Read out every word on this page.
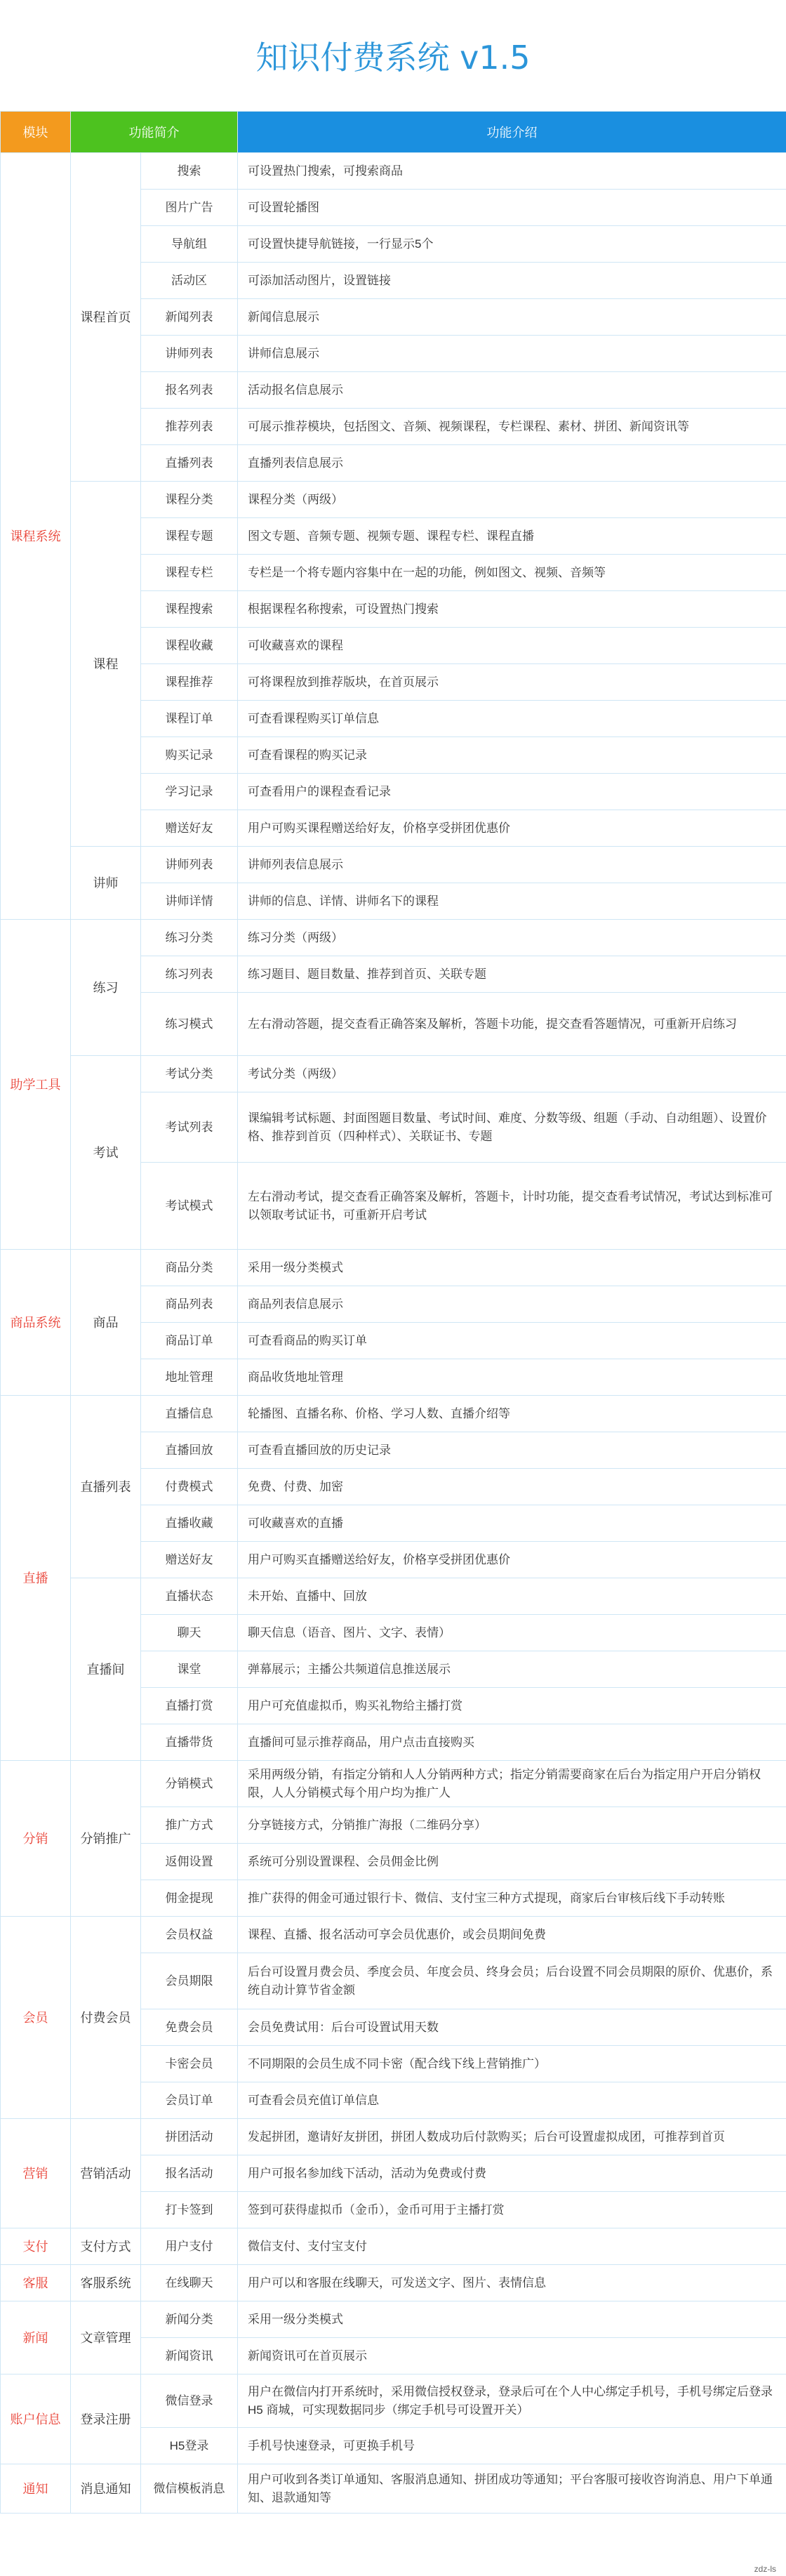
知识付费系统 v1.5
模块	功能简介		功能介绍
课程系统	课程首页	搜索	可设置热门搜索，可搜索商品
		图片广告	可设置轮播图
		导航组	可设置快捷导航链接，一行显示5个
		活动区	可添加活动图片，设置链接
		新闻列表	新闻信息展示
		讲师列表	讲师信息展示
		报名列表	活动报名信息展示
		推荐列表	可展示推荐模块，包括图文、音频、视频课程，专栏课程、素材、拼团、新闻资讯等
		直播列表	直播列表信息展示
	课程	课程分类	课程分类（两级）
		课程专题	图文专题、音频专题、视频专题、课程专栏、课程直播
		课程专栏	专栏是一个将专题内容集中在一起的功能，例如图文、视频、音频等
		课程搜索	根据课程名称搜索，可设置热门搜索
		课程收藏	可收藏喜欢的课程
		课程推荐	可将课程放到推荐版块，在首页展示
		课程订单	可查看课程购买订单信息
		购买记录	可查看课程的购买记录
		学习记录	可查看用户的课程查看记录
		赠送好友	用户可购买课程赠送给好友，价格享受拼团优惠价
	讲师	讲师列表	讲师列表信息展示
		讲师详情	讲师的信息、详情、讲师名下的课程
助学工具	练习	练习分类	练习分类（两级）
		练习列表	练习题目、题目数量、推荐到首页、关联专题
		练习模式	左右滑动答题，提交查看正确答案及解析，答题卡功能，提交查看答题情况，可重新开启练习
	考试	考试分类	考试分类（两级）
		考试列表	课编辑考试标题、封面图题目数量、考试时间、难度、分数等级、组题（手动、自动组题）、设置价格、推荐到首页（四种样式）、关联证书、专题
		考试模式	左右滑动考试，提交查看正确答案及解析，答题卡，计时功能，提交查看考试情况，考试达到标准可以领取考试证书，可重新开启考试
商品系统	商品	商品分类	采用一级分类模式
		商品列表	商品列表信息展示
		商品订单	可查看商品的购买订单
		地址管理	商品收货地址管理
直播	直播列表	直播信息	轮播图、直播名称、价格、学习人数、直播介绍等
		直播回放	可查看直播回放的历史记录
		付费模式	免费、付费、加密
		直播收藏	可收藏喜欢的直播
		赠送好友	用户可购买直播赠送给好友，价格享受拼团优惠价
	直播间	直播状态	未开始、直播中、回放
		聊天	聊天信息（语音、图片、文字、表情）
		课堂	弹幕展示；主播公共频道信息推送展示
		直播打赏	用户可充值虚拟币，购买礼物给主播打赏
		直播带货	直播间可显示推荐商品，用户点击直接购买
分销	分销推广	分销模式	采用两级分销，有指定分销和人人分销两种方式；指定分销需要商家在后台为指定用户开启分销权限，人人分销模式每个用户均为推广人
		推广方式	分享链接方式，分销推广海报（二维码分享）
		返佣设置	系统可分别设置课程、会员佣金比例
		佣金提现	推广获得的佣金可通过银行卡、微信、支付宝三种方式提现，商家后台审核后线下手动转账
会员	付费会员	会员权益	课程、直播、报名活动可享会员优惠价，或会员期间免费
		会员期限	后台可设置月费会员、季度会员、年度会员、终身会员；后台设置不同会员期限的原价、优惠价，系统自动计算节省金额
		免费会员	会员免费试用：后台可设置试用天数
		卡密会员	不同期限的会员生成不同卡密（配合线下线上营销推广）
		会员订单	可查看会员充值订单信息
营销	营销活动	拼团活动	发起拼团，邀请好友拼团，拼团人数成功后付款购买；后台可设置虚拟成团，可推荐到首页
		报名活动	用户可报名参加线下活动，活动为免费或付费
		打卡签到	签到可获得虚拟币（金币），金币可用于主播打赏
支付	支付方式	用户支付	微信支付、支付宝支付
客服	客服系统	在线聊天	用户可以和客服在线聊天，可发送文字、图片、表情信息
新闻	文章管理	新闻分类	采用一级分类模式
		新闻资讯	新闻资讯可在首页展示
账户信息	登录注册	微信登录	用户在微信内打开系统时，采用微信授权登录，登录后可在个人中心绑定手机号，手机号绑定后登录H5 商城，可实现数据同步（绑定手机号可设置开关）
		H5登录	手机号快速登录，可更换手机号
通知	消息通知	微信模板消息	用户可收到各类订单通知、客服消息通知、拼团成功等通知；平台客服可接收咨询消息、用户下单通知、退款通知等
zdz-ls
